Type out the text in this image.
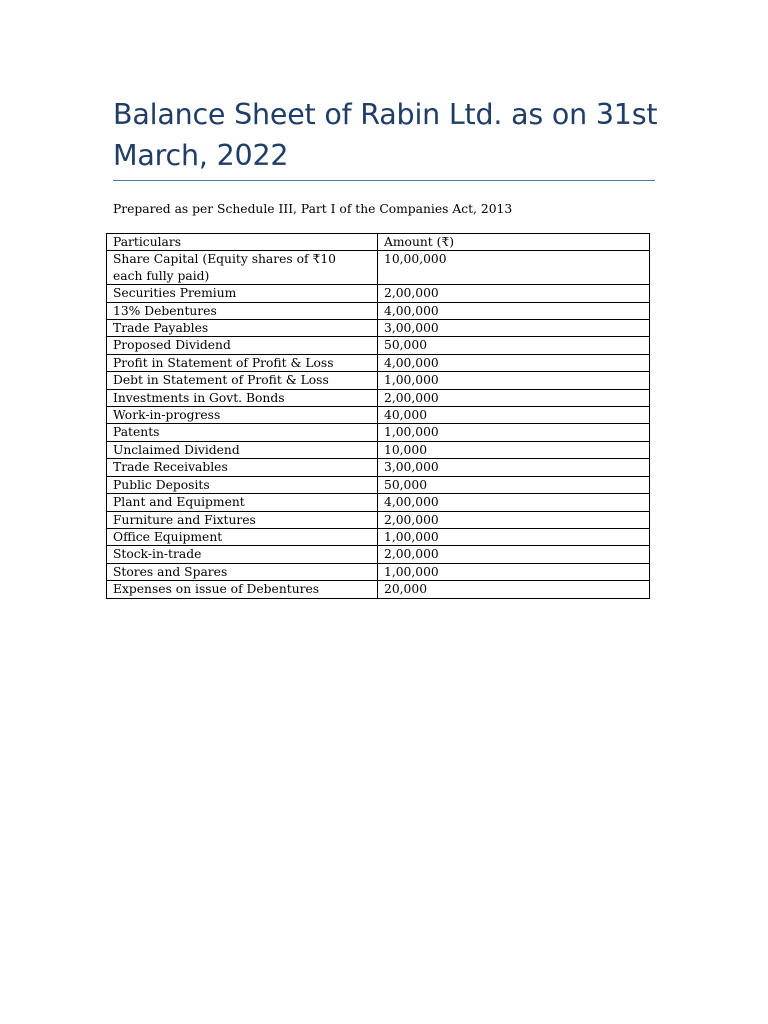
Balance Sheet of Rabin Ltd. as on 31st March, 2022

Prepared as per Schedule III, Part I of the Companies Act, 2013

Particulars	Amount (₹)
Share Capital (Equity shares of ₹10 each fully paid)	10,00,000
Securities Premium	2,00,000
13% Debentures	4,00,000
Trade Payables	3,00,000
Proposed Dividend	50,000
Profit in Statement of Profit & Loss	4,00,000
Debt in Statement of Profit & Loss	1,00,000
Investments in Govt. Bonds	2,00,000
Work-in-progress	40,000
Patents	1,00,000
Unclaimed Dividend	10,000
Trade Receivables	3,00,000
Public Deposits	50,000
Plant and Equipment	4,00,000
Furniture and Fixtures	2,00,000
Office Equipment	1,00,000
Stock-in-trade	2,00,000
Stores and Spares	1,00,000
Expenses on issue of Debentures	20,000
